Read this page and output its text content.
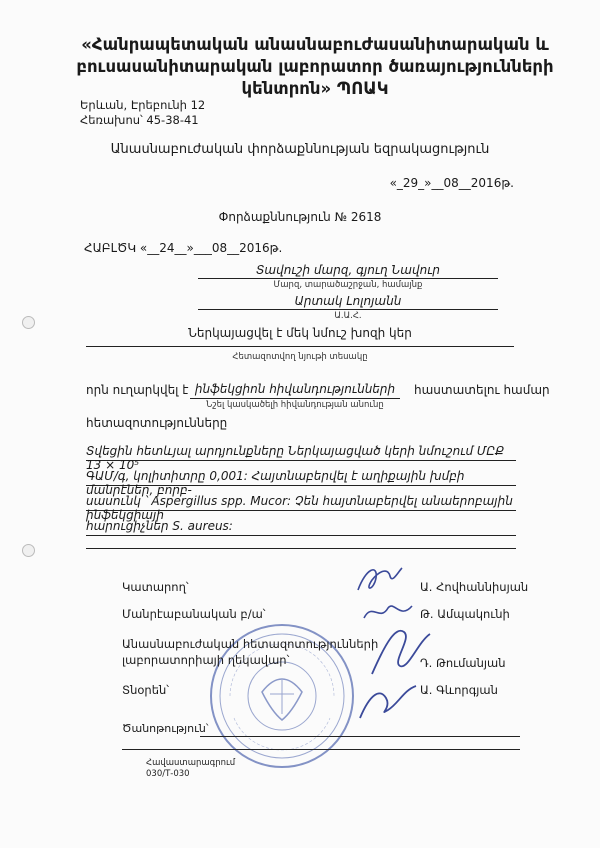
«Հանրապետական անասնաբուժասանիտարական և
բուսասանիտարական լաբորատոր ծառայությունների
կենտրոն» ՊՈԱԿ
Երևան, Էրեբունի 12
Հեռախոս՝ 45-38-41
Անասնաբուժական փորձաքննության եզրակացություն
«_29_»__08__2016թ.
Փորձաքննություն № 2618
ՀԱԲԼԾԿ «__24__»___08__2016թ.
Տավուշի մարզ, գյուղ Նավուր
Մարզ, տարածաշրջան, համայնք
Արտակ Լոլոյանն
Ա.Ա.Հ.
Ներկայացվել է մեկ նմուշ խոզի կեր
Հետազոտվող նյութի տեսակը
որն ուղարկվել է ինֆեկցիոն հիվանդությունների	հաստատելու համար
Նշել կասկածելի հիվանդության անունը
հետազոտությունները
Տվեցին հետևյալ արդյունքները Ներկայացված կերի նմուշում ՄԸՔ 13 × 10⁵
ԳԱՄ/գ, կոլիտիտրը 0,001: Հայտնաբերվել է աղիքային խմբի մանրէներ, բորբ-
սասունկ ՝ Aspergillus spp. Mucor: Չեն հայտնաբերվել անաերոբային ինֆեկցիայի
հարուցիչներ S. aureus:
Կատարող՝	Ա. Հովհաննիսյան
Մանրէաբանական բ/ա՝	Թ. Ամպակունի
Անասնաբուժական հետազոտությունների
լաբորատորիայի ղեկավար՝	Դ. Թումանյան
Տնօրեն՝	Ա. Գևորգյան
Ծանոթություն՝
Հավաստարագրում
030/Т-030
